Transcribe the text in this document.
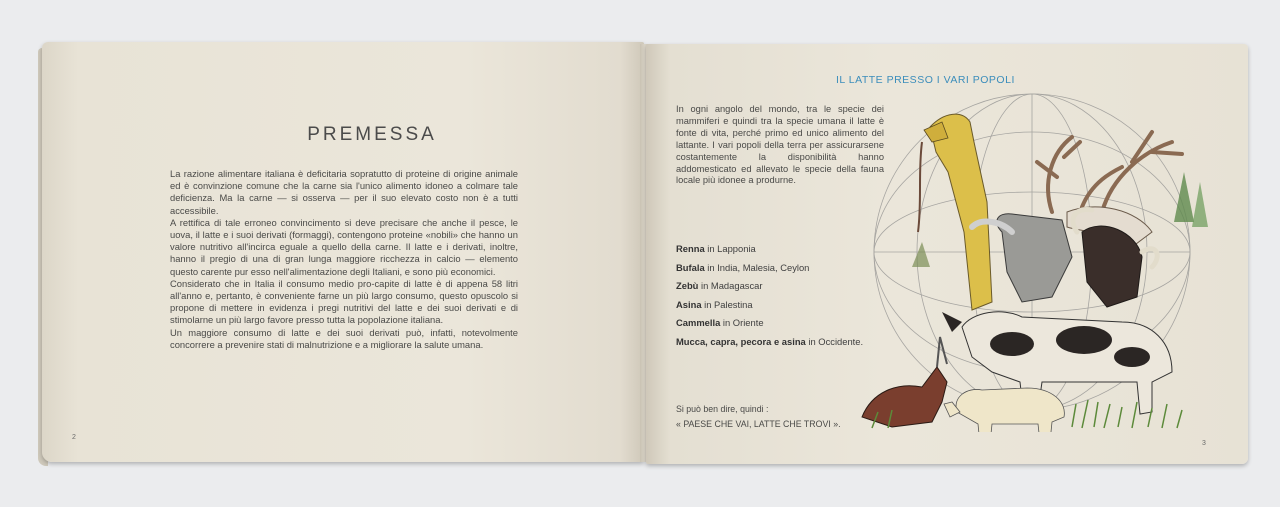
PREMESSA

La razione alimentare italiana è deficitaria sopratutto di proteine di origine animale ed è convinzione comune che la carne sia l'unico alimento idoneo a colmare tale deficienza. Ma la carne — si osserva — per il suo elevato costo non è a tutti accessibile.

A rettifica di tale erroneo convincimento si deve precisare che anche il pesce, le uova, il latte e i suoi derivati (formaggi), contengono proteine «nobili» che hanno un valore nutritivo all'incirca eguale a quello della carne. Il latte e i derivati, inoltre, hanno il pregio di una di gran lunga maggiore ricchezza in calcio — elemento questo carente pur esso nell'alimentazione degli Italiani, e sono più economici.

Considerato che in Italia il consumo medio pro-capite di latte è di appena 58 litri all'anno e, pertanto, è conveniente farne un più largo consumo, questo opuscolo si propone di mettere in evidenza i pregi nutritivi del latte e dei suoi derivati e di stimolarne un più largo favore presso tutta la popolazione italiana.

Un maggiore consumo di latte e dei suoi derivati può, infatti, notevolmente concorrere a prevenire stati di malnutrizione e a migliorare la salute umana.

2
IL LATTE PRESSO I VARI POPOLI
In ogni angolo del mondo, tra le specie dei mammiferi e quindi tra la specie umana il latte è fonte di vita, perché primo ed unico alimento del lattante. I vari popoli della terra per assicurarsene costantemente la disponibilità hanno addomesticato ed allevato le specie della fauna locale più idonee a produrne.
Renna in Lapponia
Bufala in India, Malesia, Ceylon
Zebù in Madagascar
Asina in Palestina
Cammella in Oriente
Mucca, capra, pecora e asina in Occidente.
Si può ben dire, quindi :
« PAESE CHE VAI, LATTE CHE TROVI ».
3
